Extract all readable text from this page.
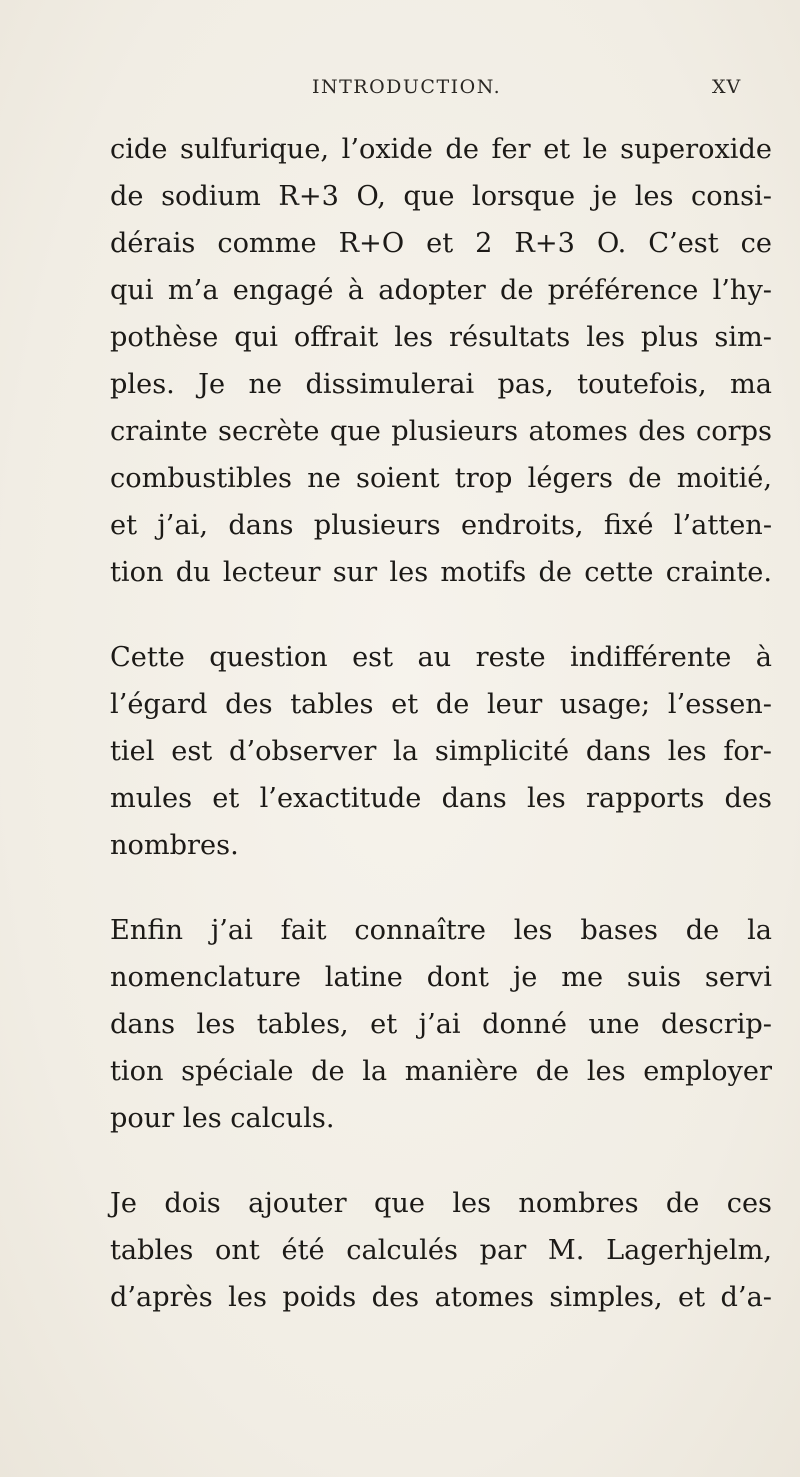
INTRODUCTION.	XV
cide sulfurique, l’oxide de fer et le superoxide
de sodium R+3 O, que lorsque je les consi-
dérais comme R+O et 2 R+3 O. C’est ce
qui m’a engagé à adopter de préférence l’hy-
pothèse qui offrait les résultats les plus sim-
ples. Je ne dissimulerai pas, toutefois, ma
crainte secrète que plusieurs atomes des corps
combustibles ne soient trop légers de moitié,
et j’ai, dans plusieurs endroits, fixé l’atten-
tion du lecteur sur les motifs de cette crainte.
Cette question est au reste indifférente à
l’égard des tables et de leur usage; l’essen-
tiel est d’observer la simplicité dans les for-
mules et l’exactitude dans les rapports des
nombres.
Enfin j’ai fait connaître les bases de la
nomenclature latine dont je me suis servi
dans les tables, et j’ai donné une descrip-
tion spéciale de la manière de les employer
pour les calculs.
Je dois ajouter que les nombres de ces
tables ont été calculés par M. Lagerhjelm,
d’après les poids des atomes simples, et d’a-
